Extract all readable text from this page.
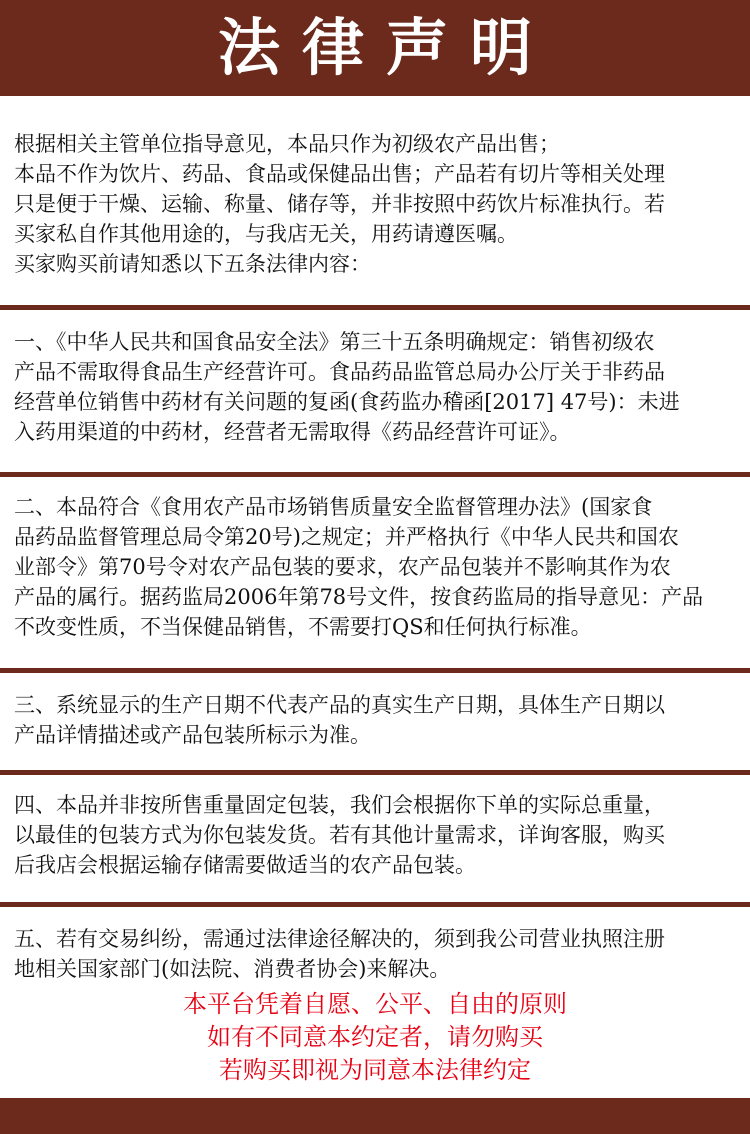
法律声明
根据相关主管单位指导意见，本品只作为初级农产品出售；
本品不作为饮片、药品、食品或保健品出售；产品若有切片等相关处理
只是便于干燥、运输、称量、储存等，并非按照中药饮片标准执行。若
买家私自作其他用途的，与我店无关，用药请遵医嘱。
买家购买前请知悉以下五条法律内容：
一、《中华人民共和国食品安全法》第三十五条明确规定：销售初级农
产品不需取得食品生产经营许可。食品药品监管总局办公厅关于非药品
经营单位销售中药材有关问题的复函(食药监办稽函[2017] 47号)：未进
入药用渠道的中药材，经营者无需取得《药品经营许可证》。
二、本品符合《食用农产品市场销售质量安全监督管理办法》(国家食
品药品监督管理总局令第20号)之规定；并严格执行《中华人民共和国农
业部令》第70号令对农产品包装的要求，农产品包装并不影响其作为农
产品的属行。据药监局2006年第78号文件，按食药监局的指导意见：产品
不改变性质，不当保健品销售，不需要打QS和任何执行标准。
三、系统显示的生产日期不代表产品的真实生产日期，具体生产日期以
产品详情描述或产品包装所标示为准。
四、本品并非按所售重量固定包装，我们会根据你下单的实际总重量，
以最佳的包装方式为你包装发货。若有其他计量需求，详询客服，购买
后我店会根据运输存储需要做适当的农产品包装。
五、若有交易纠纷，需通过法律途径解决的，须到我公司营业执照注册
地相关国家部门(如法院、消费者协会)来解决。
本平台凭着自愿、公平、自由的原则
如有不同意本约定者，请勿购买
若购买即视为同意本法律约定
